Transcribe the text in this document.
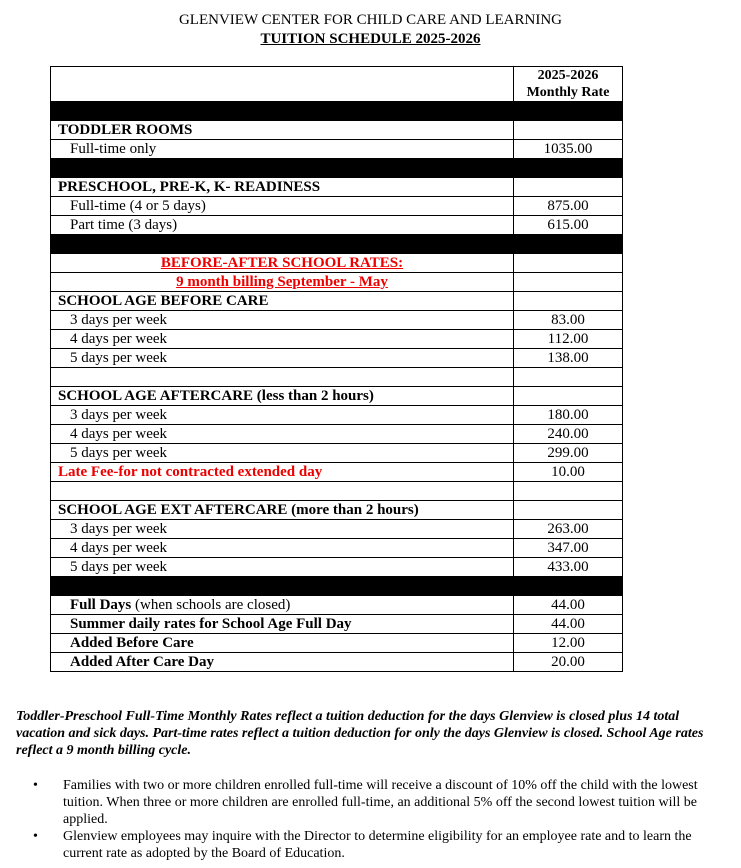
GLENVIEW CENTER FOR CHILD CARE AND LEARNING
TUITION SCHEDULE 2025-2026

	2025-2026
Monthly Rate

TODDLER ROOMS	
Full-time only	1035.00

PRESCHOOL, PRE-K, K- READINESS	
Full-time (4 or 5 days)	875.00
Part time (3 days)	615.00

BEFORE-AFTER SCHOOL RATES:	
9 month billing September - May	
SCHOOL AGE BEFORE CARE	
3 days per week	83.00
4 days per week	112.00
5 days per week	138.00

SCHOOL AGE AFTERCARE (less than 2 hours)	
3 days per week	180.00
4 days per week	240.00
5 days per week	299.00
Late Fee-for not contracted extended day	10.00

SCHOOL AGE EXT AFTERCARE (more than 2 hours)	
3 days per week	263.00
4 days per week	347.00
5 days per week	433.00

Full Days (when schools are closed)	44.00
Summer daily rates for School Age Full Day	44.00
Added Before Care	12.00
Added After Care Day	20.00
Toddler-Preschool Full-Time Monthly Rates reflect a tuition deduction for the days Glenview is closed plus 14 total vacation and sick days. Part-time rates reflect a tuition deduction for only the days Glenview is closed. School Age rates reflect a 9 month billing cycle.
• Families with two or more children enrolled full-time will receive a discount of 10% off the child with the lowest tuition. When three or more children are enrolled full-time, an additional 5% off the second lowest tuition will be applied.
• Glenview employees may inquire with the Director to determine eligibility for an employee rate and to learn the current rate as adopted by the Board of Education.
